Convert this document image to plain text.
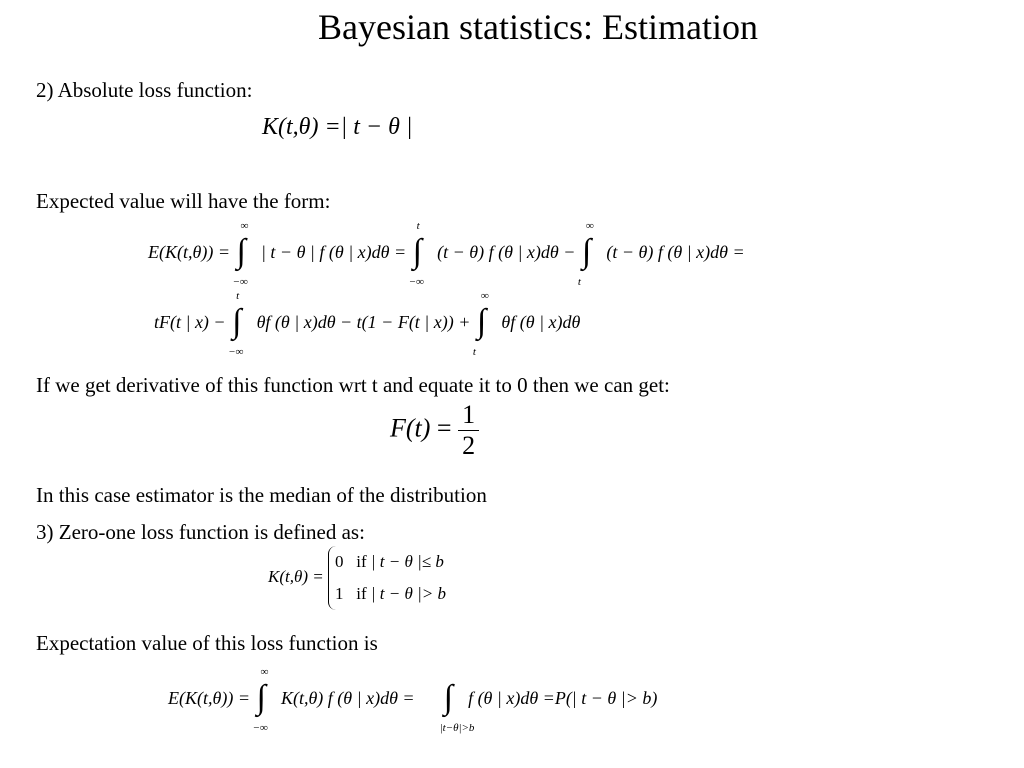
Bayesian statistics: Estimation
2) Absolute loss function:
K(t,θ) =| t − θ |
Expected value will have the form:
E(K(t,θ)) =
∞
∫
−∞
| t − θ | f (θ | x)dθ =
t
∫
−∞
(t − θ) f (θ | x)dθ −
∞
∫
t
(t − θ) f (θ | x)dθ =
tF(t | x) −
t
∫
−∞
θf (θ | x)dθ − t(1 − F(t | x)) +
∞
∫
t
θf (θ | x)dθ
If we get derivative of this function wrt t and equate it to 0 then we can get:
$F(t) = \frac{1}{2}$
In this case estimator is the median of the distribution
3) Zero-one loss function is defined as:
K(t,θ) =
0 if | t − θ |≤ b
1 if | t − θ |> b
Expectation value of this loss function is
E(K(t,θ)) =
∞
∫
−∞
K(t,θ) f (θ | x)dθ = ∫
|t−θ|>b
f (θ | x)dθ =P(| t − θ |> b)
